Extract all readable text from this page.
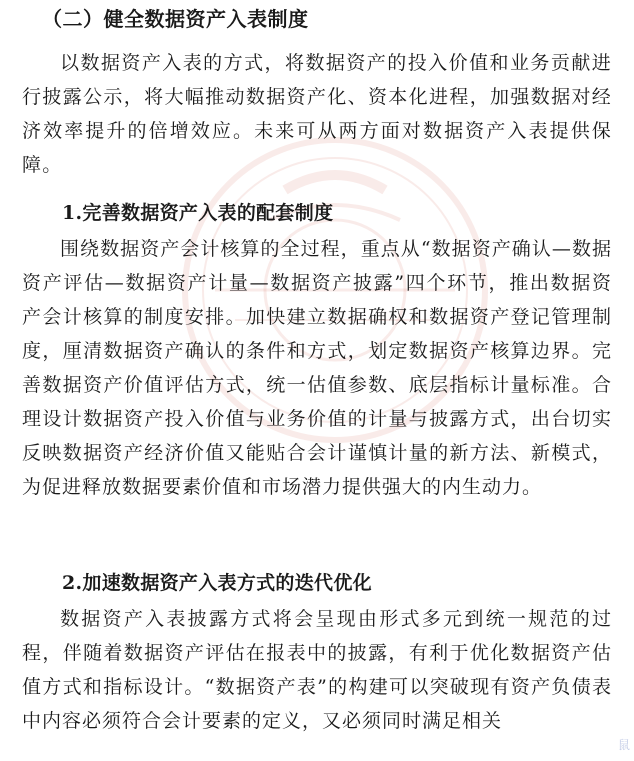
（二）健全数据资产入表制度

以数据资产入表的方式，将数据资产的投入价值和业务贡献进行披露公示，将大幅推动数据资产化、资本化进程，加强数据对经济效率提升的倍增效应。未来可从两方面对数据资产入表提供保障。

1.完善数据资产入表的配套制度

围绕数据资产会计核算的全过程，重点从“数据资产确认—数据资产评估—数据资产计量—数据资产披露”四个环节，推出数据资产会计核算的制度安排。加快建立数据确权和数据资产登记管理制度，厘清数据资产确认的条件和方式，划定数据资产核算边界。完善数据资产价值评估方式，统一估值参数、底层指标计量标准。合理设计数据资产投入价值与业务价值的计量与披露方式，出台切实反映数据资产经济价值又能贴合会计谨慎计量的新方法、新模式，为促进释放数据要素价值和市场潜力提供强大的内生动力。

2.加速数据资产入表方式的迭代优化

数据资产入表披露方式将会呈现由形式多元到统一规范的过程，伴随着数据资产评估在报表中的披露，有利于优化数据资产估值方式和指标设计。“数据资产表”的构建可以突破现有资产负债表中内容必须符合会计要素的定义，又必须同时满足相关

鼠
